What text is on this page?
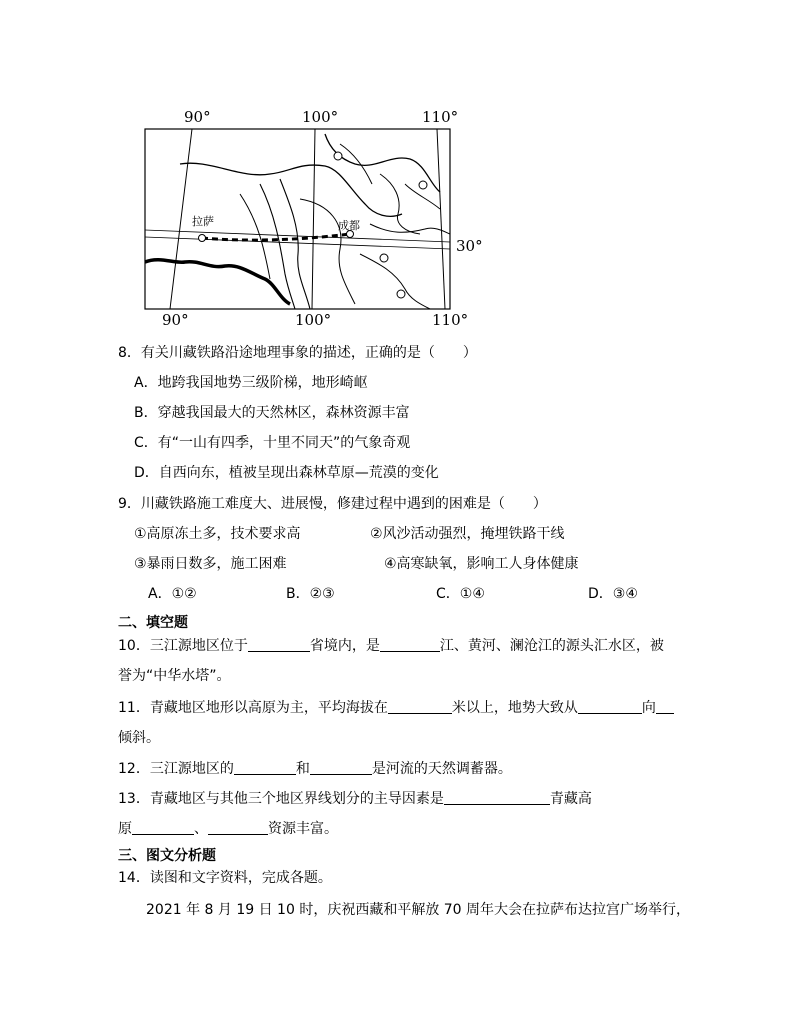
90°	100°	110°
90°	100°	110°
30°
拉萨	成都
8．有关川藏铁路沿途地理事象的描述，正确的是（　　）
A．地跨我国地势三级阶梯，地形崎岖
B．穿越我国最大的天然林区，森林资源丰富
C．有“一山有四季，十里不同天”的气象奇观
D．自西向东，植被呈现出森林草原—荒漠的变化
9．川藏铁路施工难度大、进展慢，修建过程中遇到的困难是（　　）
①高原冻土多，技术要求高	②风沙活动强烈，掩埋铁路干线
③暴雨日数多，施工困难	④高寒缺氧，影响工人身体健康
A．①②	B．②③	C．①④	D．③④
二、填空题
10．三江源地区位于	省境内，是	江、黄河、澜沧江的源头汇水区，被
誉为“中华水塔”。
11．青藏地区地形以高原为主，平均海拔在	米以上，地势大致从	向
倾斜。
12．三江源地区的	和	是河流的天然调蓄器。
13．青藏地区与其他三个地区界线划分的主导因素是	青藏高
原	、	资源丰富。
三、图文分析题
14．读图和文字资料，完成各题。
2021 年 8 月 19 日 10 时，庆祝西藏和平解放 70 周年大会在拉萨布达拉宫广场举行，
